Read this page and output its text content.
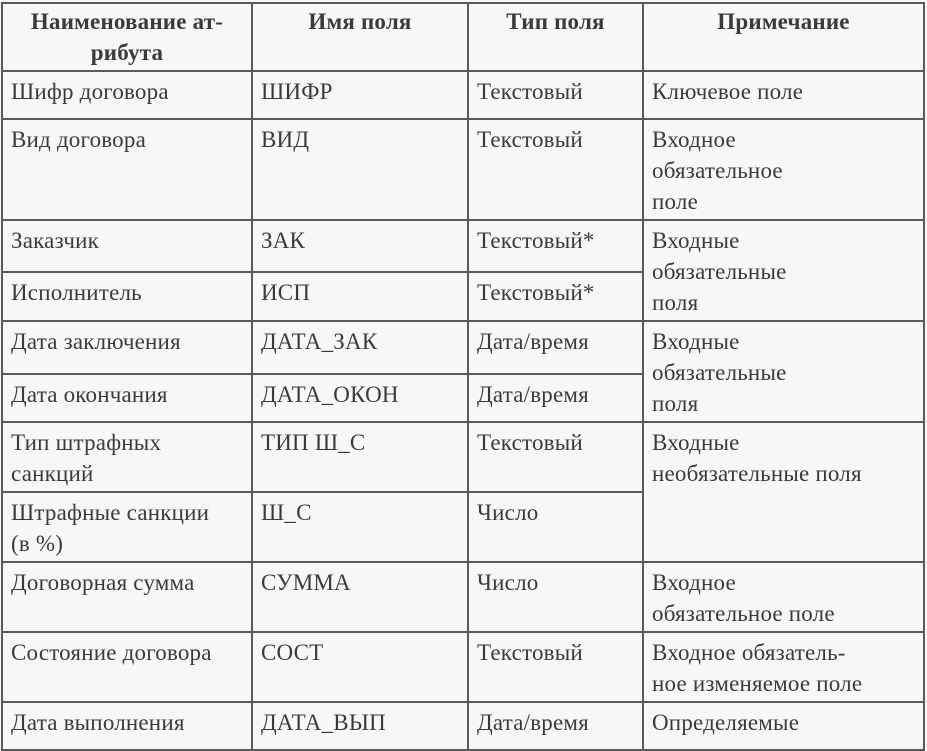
Наименование ат-
рибута	Имя поля	Тип поля	Примечание
Шифр договора	ШИФР	Текстовый	Ключевое поле
Вид договора	ВИД	Текстовый	Входное
обязательное
поле
Заказчик	ЗАК	Текстовый*	Входные
обязательные
поля
Исполнитель	ИСП	Текстовый*	
Дата заключения	ДАТА_ЗАК	Дата/время	Входные
обязательные
поля
Дата окончания	ДАТА_ОКОН	Дата/время	
Тип штрафных
санкций	ТИП Ш_С	Текстовый	Входные
необязательные поля
Штрафные санкции
(в %)	Ш_С	Число	
Договорная сумма	СУММА	Число	Входное
обязательное поле
Состояние договора	СОСТ	Текстовый	Входное обязатель-
ное изменяемое поле
Дата выполнения	ДАТА_ВЫП	Дата/время	Определяемые
